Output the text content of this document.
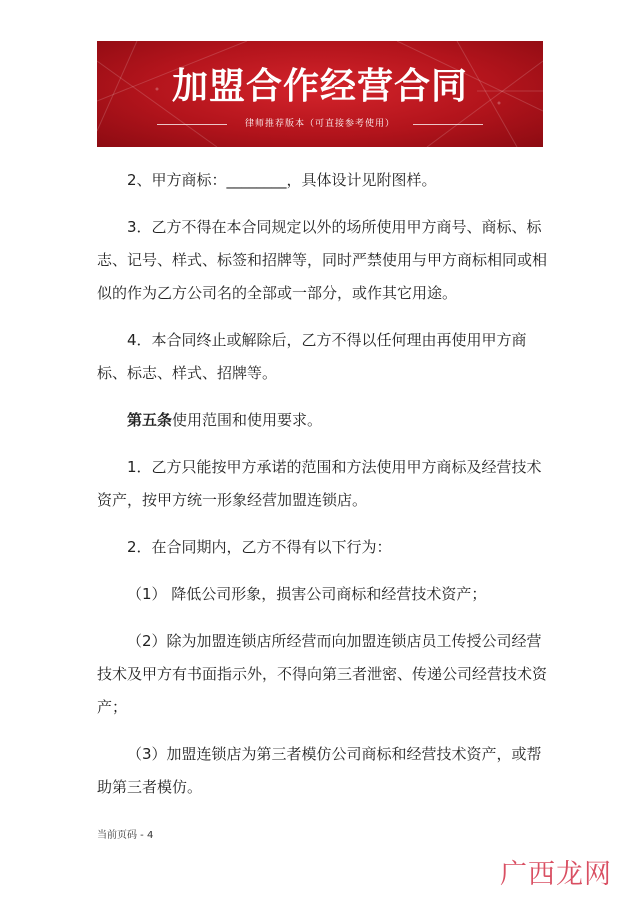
加盟合作经营合同
律师推荐版本（可直接参考使用）

2、甲方商标：________，具体设计见附图样。

3．乙方不得在本合同规定以外的场所使用甲方商号、商标、标志、记号、样式、标签和招牌等，同时严禁使用与甲方商标相同或相似的作为乙方公司名的全部或一部分，或作其它用途。

4．本合同终止或解除后，乙方不得以任何理由再使用甲方商标、标志、样式、招牌等。

第五条使用范围和使用要求。

1．乙方只能按甲方承诺的范围和方法使用甲方商标及经营技术资产，按甲方统一形象经营加盟连锁店。

2．在合同期内，乙方不得有以下行为：

（1） 降低公司形象，损害公司商标和经营技术资产；

（2）除为加盟连锁店所经营而向加盟连锁店员工传授公司经营技术及甲方有书面指示外，不得向第三者泄密、传递公司经营技术资产；

（3）加盟连锁店为第三者模仿公司商标和经营技术资产，或帮助第三者模仿。

当前页码 - 4
广西龙网
